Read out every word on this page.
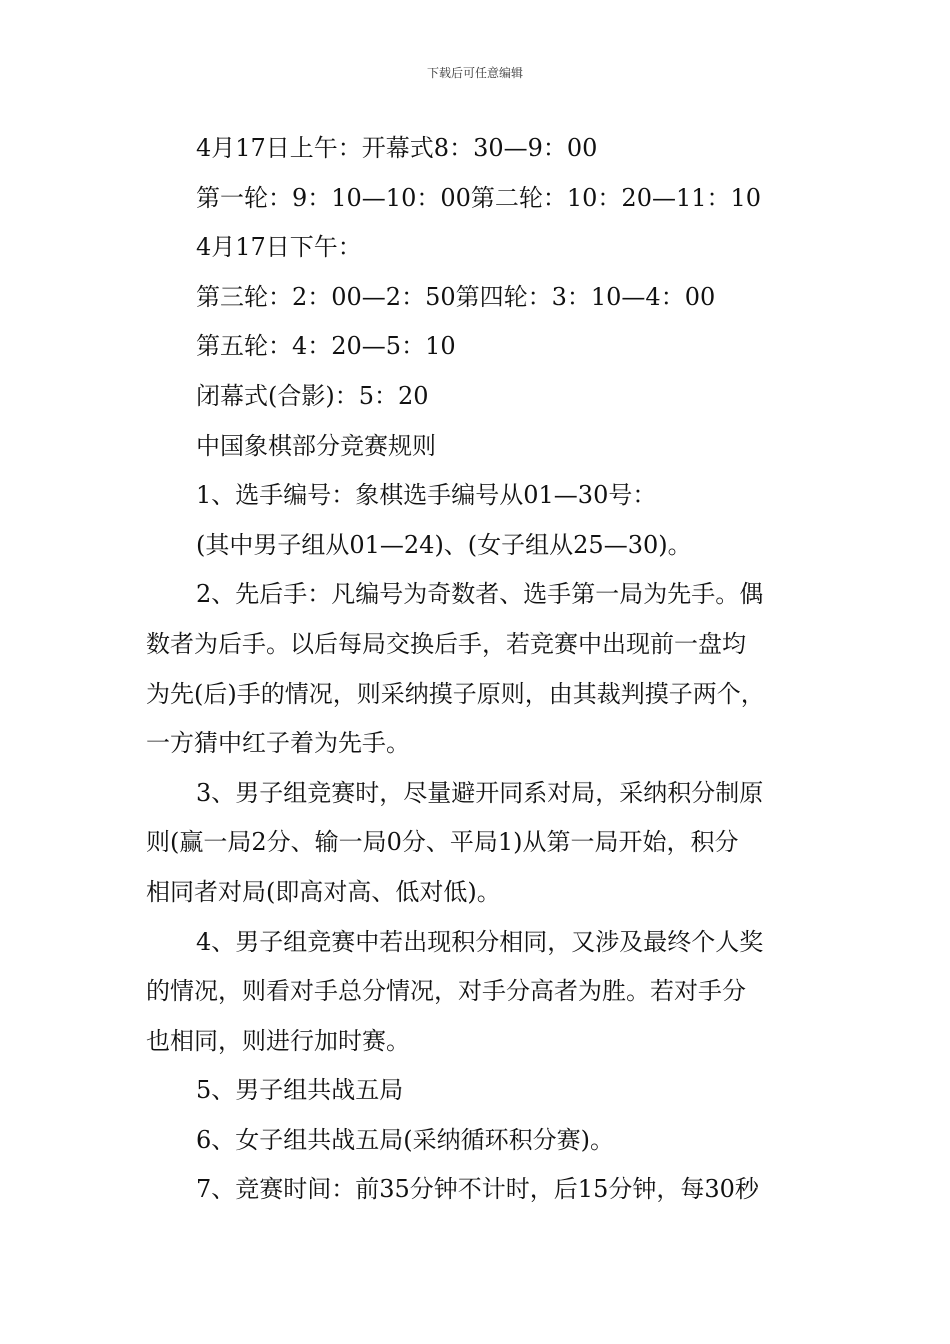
下载后可任意编辑

4月17日上午：开幕式8：30—9：00

第一轮：9：10—10：00第二轮：10：20—11：10

4月17日下午：

第三轮：2：00—2：50第四轮：3：10—4：00

第五轮：4：20—5：10

闭幕式(合影)：5：20

中国象棋部分竞赛规则

1、选手编号：象棋选手编号从01—30号：

(其中男子组从01—24)、(女子组从25—30)。

2、先后手：凡编号为奇数者、选手第一局为先手。偶

数者为后手。以后每局交换后手，若竞赛中出现前一盘均

为先(后)手的情况，则采纳摸子原则，由其裁判摸子两个，

一方猜中红子着为先手。

3、男子组竞赛时，尽量避开同系对局，采纳积分制原

则(赢一局2分、输一局0分、平局1)从第一局开始，积分

相同者对局(即高对高、低对低)。

4、男子组竞赛中若出现积分相同，又涉及最终个人奖

的情况，则看对手总分情况，对手分高者为胜。若对手分

也相同，则进行加时赛。

5、男子组共战五局

6、女子组共战五局(采纳循环积分赛)。

7、竞赛时间：前35分钟不计时，后15分钟，每30秒
